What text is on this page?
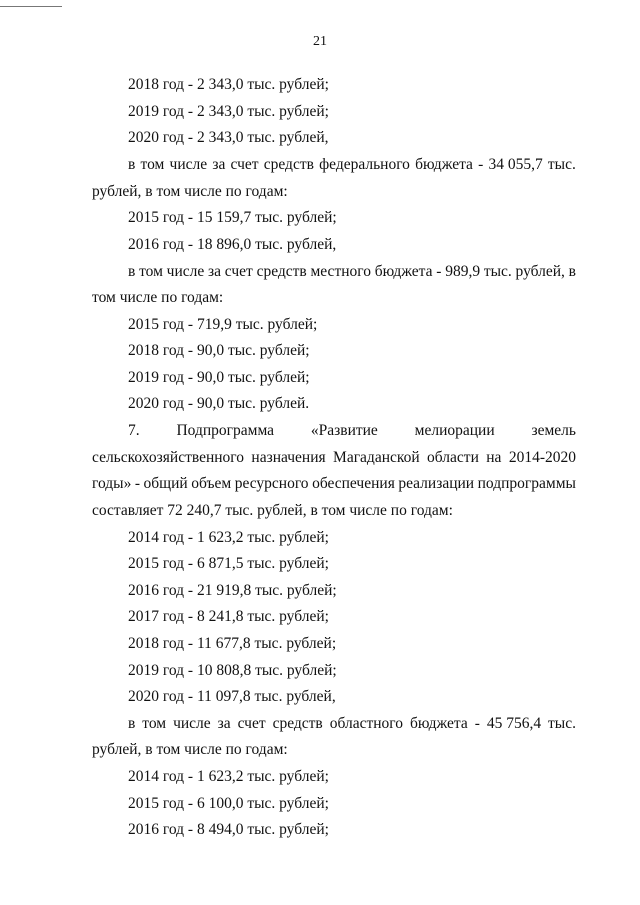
21
2018 год - 2 343,0 тыс. рублей;
2019 год - 2 343,0 тыс. рублей;
2020 год - 2 343,0 тыс. рублей,
в том числе за счет средств федерального бюджета - 34 055,7 тыс.
рублей, в том числе по годам:
2015 год - 15 159,7 тыс. рублей;
2016 год - 18 896,0 тыс. рублей,
в том числе за счет средств местного бюджета - 989,9 тыс. рублей, в
том числе по годам:
2015 год - 719,9 тыс. рублей;
2018 год - 90,0 тыс. рублей;
2019 год - 90,0 тыс. рублей;
2020 год - 90,0 тыс. рублей.
7. Подпрограмма «Развитие мелиорации земель
сельскохозяйственного назначения Магаданской области на 2014-2020
годы» - общий объем ресурсного обеспечения реализации подпрограммы
составляет 72 240,7 тыс. рублей, в том числе по годам:
2014 год - 1 623,2 тыс. рублей;
2015 год - 6 871,5 тыс. рублей;
2016 год - 21 919,8 тыс. рублей;
2017 год - 8 241,8 тыс. рублей;
2018 год - 11 677,8 тыс. рублей;
2019 год - 10 808,8 тыс. рублей;
2020 год - 11 097,8 тыс. рублей,
в том числе за счет средств областного бюджета - 45 756,4 тыс.
рублей, в том числе по годам:
2014 год - 1 623,2 тыс. рублей;
2015 год - 6 100,0 тыс. рублей;
2016 год - 8 494,0 тыс. рублей;
